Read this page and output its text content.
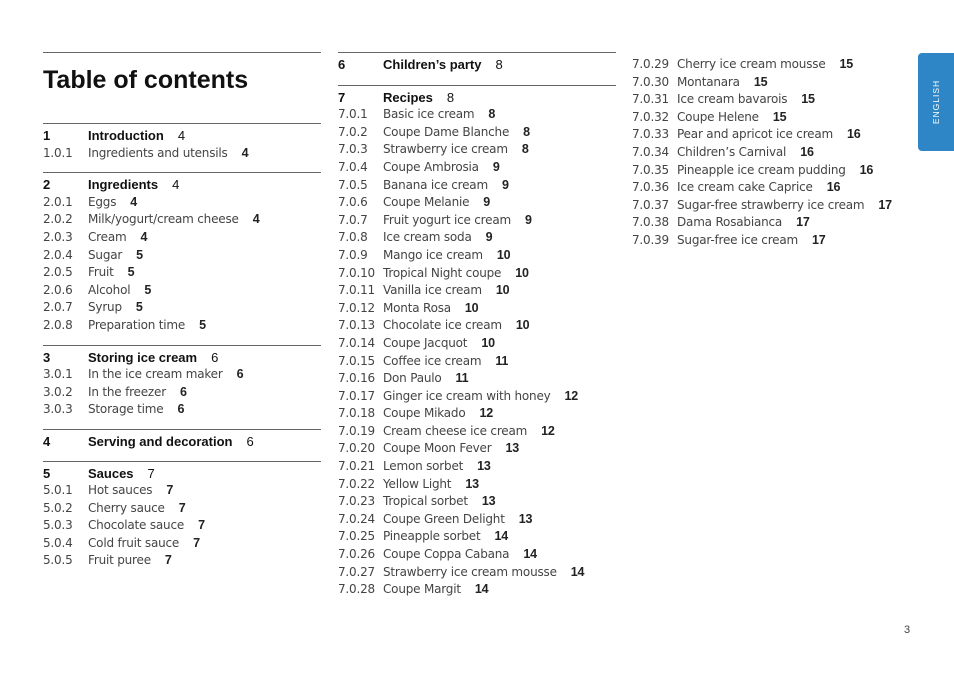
Table of contents
1	Introduction 4
1.0.1	Ingredients and utensils 4
2	Ingredients 4
2.0.1	Eggs 4
2.0.2	Milk/yogurt/cream cheese 4
2.0.3	Cream 4
2.0.4	Sugar 5
2.0.5	Fruit 5
2.0.6	Alcohol 5
2.0.7	Syrup 5
2.0.8	Preparation time 5
3	Storing ice cream 6
3.0.1	In the ice cream maker 6
3.0.2	In the freezer 6
3.0.3	Storage time 6
4	Serving and decoration 6
5	Sauces 7
5.0.1	Hot sauces 7
5.0.2	Cherry sauce 7
5.0.3	Chocolate sauce 7
5.0.4	Cold fruit sauce 7
5.0.5	Fruit puree 7
6	Children’s party 8
7	Recipes 8
7.0.1	Basic ice cream 8
7.0.2	Coupe Dame Blanche 8
7.0.3	Strawberry ice cream 8
7.0.4	Coupe Ambrosia 9
7.0.5	Banana ice cream 9
7.0.6	Coupe Melanie 9
7.0.7	Fruit yogurt ice cream 9
7.0.8	Ice cream soda 9
7.0.9	Mango ice cream 10
7.0.10 Tropical Night coupe 10
7.0.11 Vanilla ice cream 10
7.0.12 Monta Rosa 10
7.0.13 Chocolate ice cream 10
7.0.14 Coupe Jacquot 10
7.0.15 Coffee ice cream 11
7.0.16 Don Paulo 11
7.0.17 Ginger ice cream with honey 12
7.0.18 Coupe Mikado 12
7.0.19 Cream cheese ice cream 12
7.0.20 Coupe Moon Fever 13
7.0.21 Lemon sorbet 13
7.0.22 Yellow Light 13
7.0.23 Tropical sorbet 13
7.0.24 Coupe Green Delight 13
7.0.25 Pineapple sorbet 14
7.0.26 Coupe Coppa Cabana 14
7.0.27 Strawberry ice cream mousse 14
7.0.28 Coupe Margit 14
7.0.29 Cherry ice cream mousse 15
7.0.30 Montanara 15
7.0.31 Ice cream bavarois 15
7.0.32 Coupe Helene 15
7.0.33 Pear and apricot ice cream 16
7.0.34 Children’s Carnival 16
7.0.35 Pineapple ice cream pudding 16
7.0.36 Ice cream cake Caprice 16
7.0.37 Sugar-free strawberry ice cream 17
7.0.38 Dama Rosabianca 17
7.0.39 Sugar-free ice cream 17
ENGLISH
3
